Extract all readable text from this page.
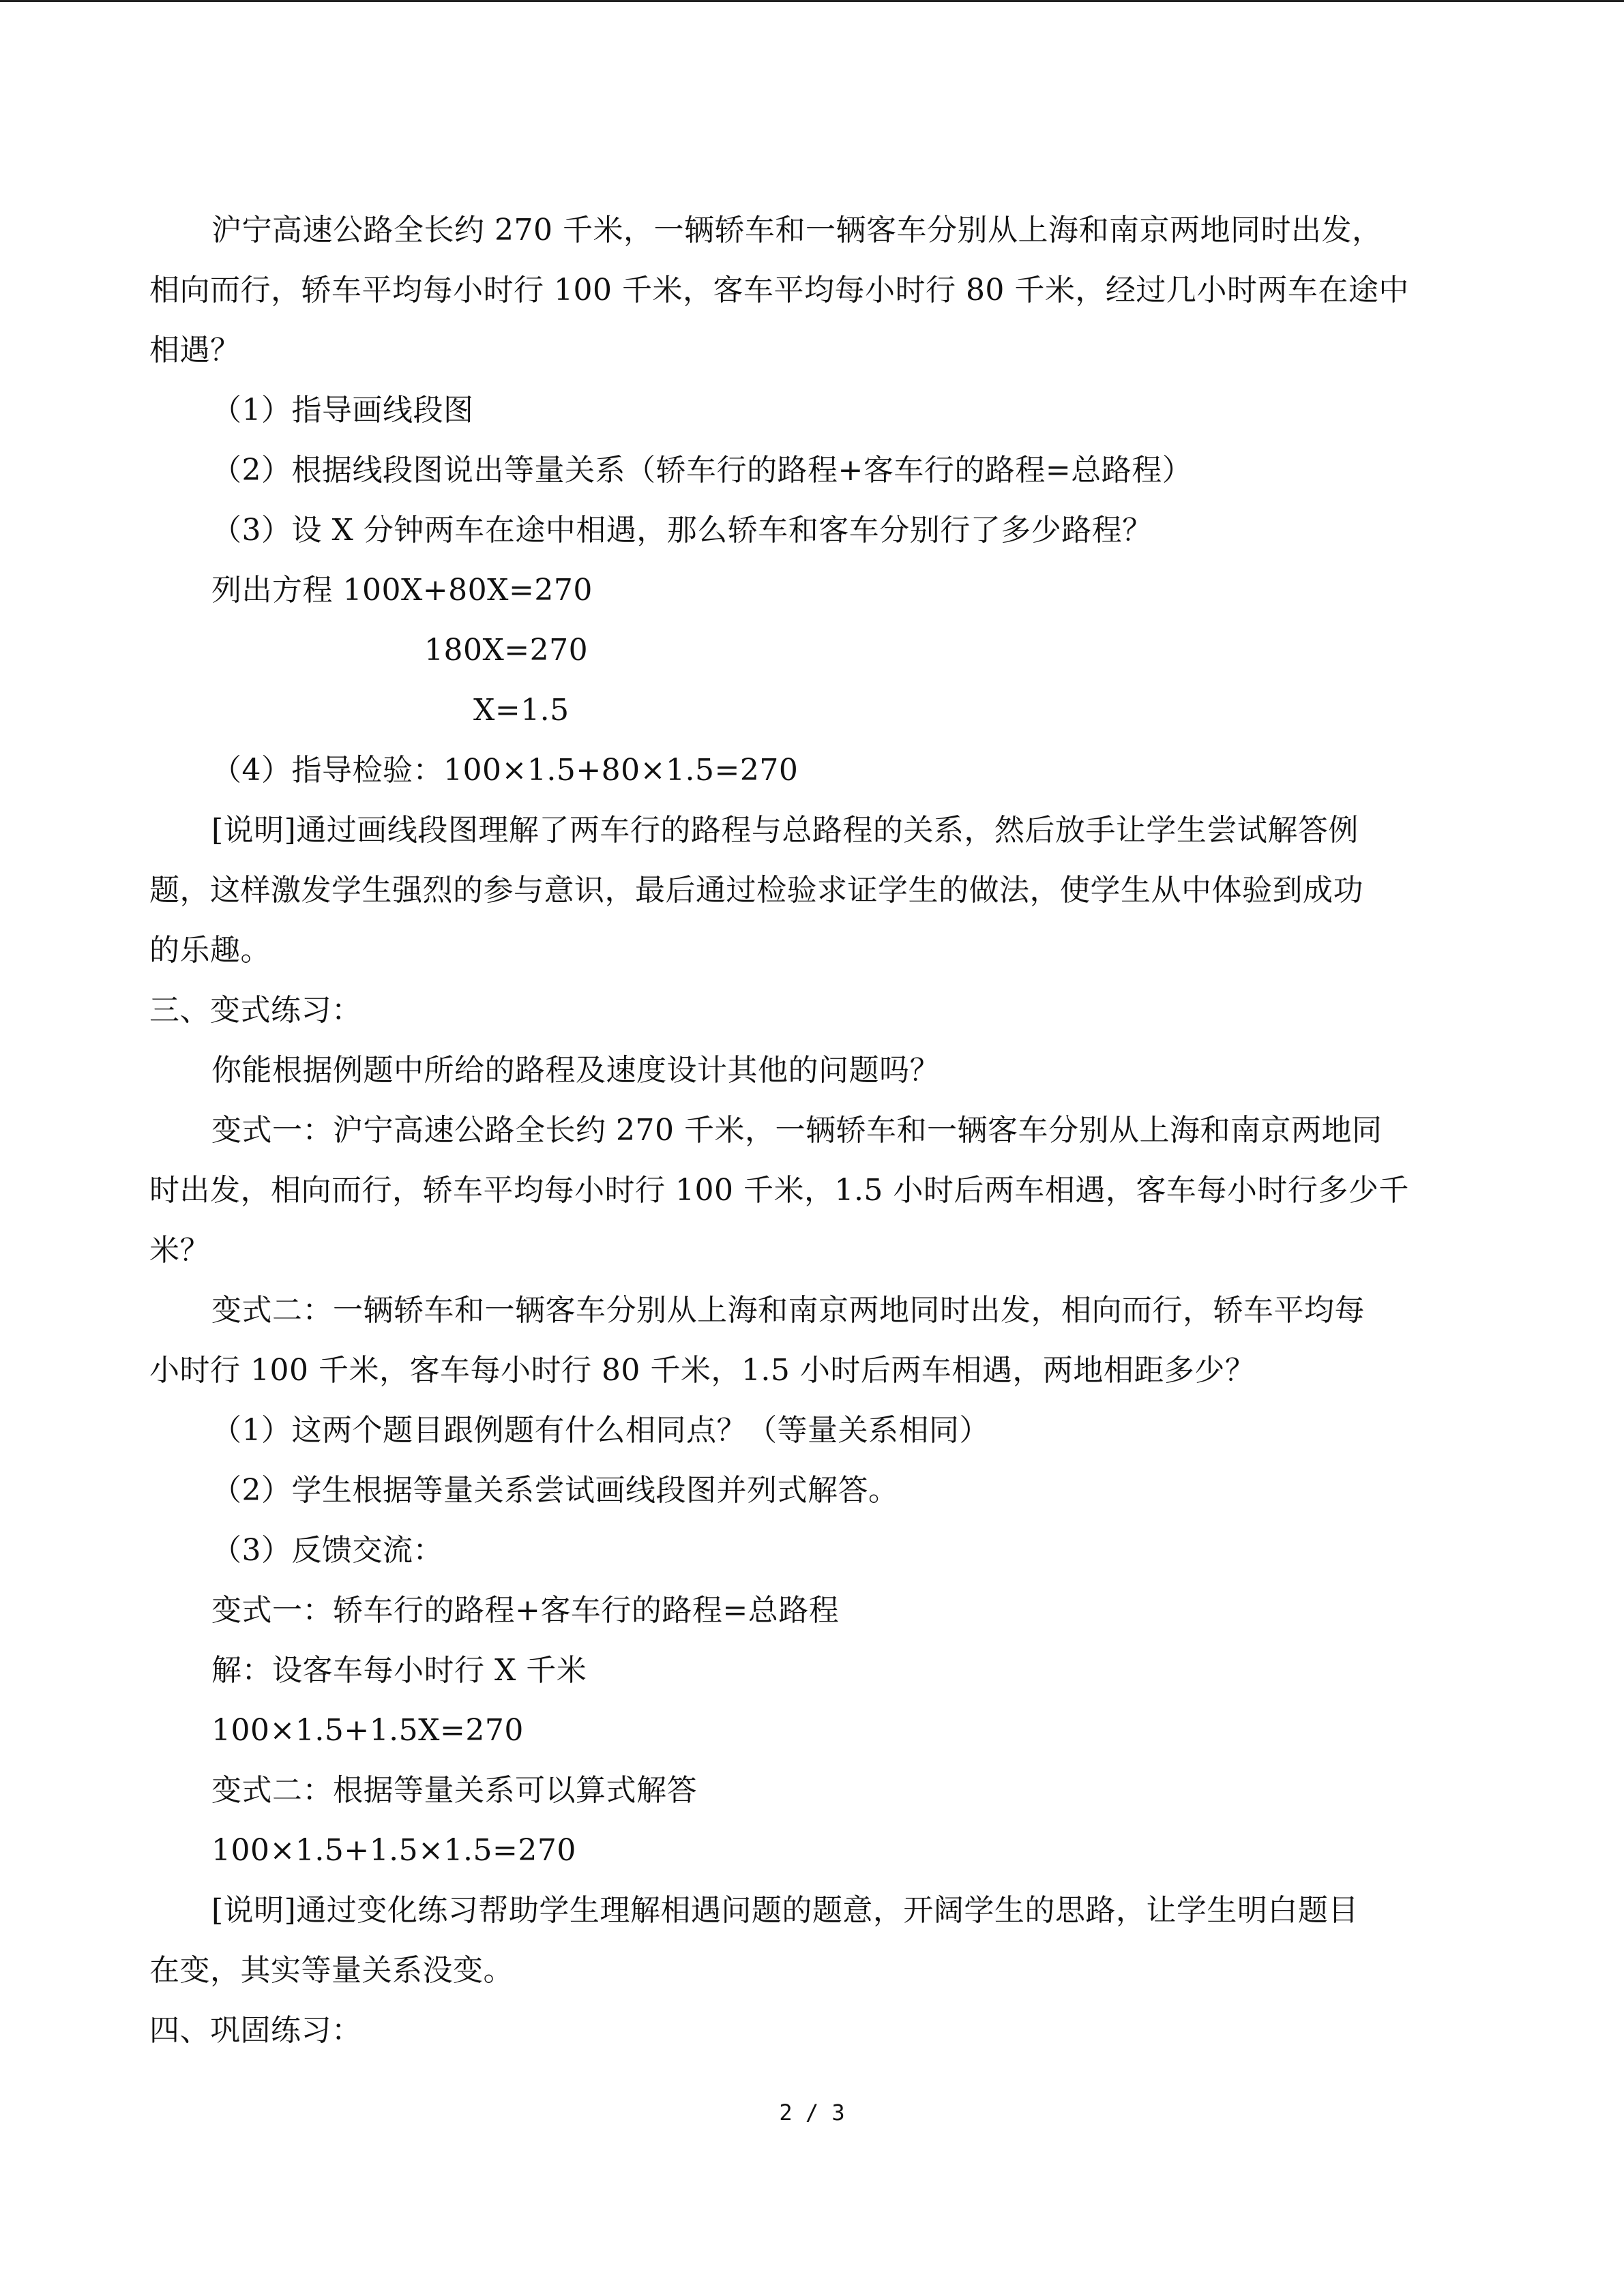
沪宁高速公路全长约 270 千米，一辆轿车和一辆客车分别从上海和南京两地同时出发，
相向而行，轿车平均每小时行 100 千米，客车平均每小时行 80 千米，经过几小时两车在途中
相遇？
（1）指导画线段图
（2）根据线段图说出等量关系（轿车行的路程+客车行的路程=总路程）
（3）设 X 分钟两车在途中相遇，那么轿车和客车分别行了多少路程？
列出方程 100X+80X=270
180X=270
X=1.5
（4）指导检验：100×1.5+80×1.5=270
[说明]通过画线段图理解了两车行的路程与总路程的关系，然后放手让学生尝试解答例
题，这样激发学生强烈的参与意识，最后通过检验求证学生的做法，使学生从中体验到成功
的乐趣。
三、变式练习：
你能根据例题中所给的路程及速度设计其他的问题吗？
变式一：沪宁高速公路全长约 270 千米，一辆轿车和一辆客车分别从上海和南京两地同
时出发，相向而行，轿车平均每小时行 100 千米，1.5 小时后两车相遇，客车每小时行多少千
米？
变式二：一辆轿车和一辆客车分别从上海和南京两地同时出发，相向而行，轿车平均每
小时行 100 千米，客车每小时行 80 千米，1.5 小时后两车相遇，两地相距多少？
（1）这两个题目跟例题有什么相同点？（等量关系相同）
（2）学生根据等量关系尝试画线段图并列式解答。
（3）反馈交流：
变式一：轿车行的路程+客车行的路程=总路程
解：设客车每小时行 X 千米
100×1.5+1.5X=270
变式二：根据等量关系可以算式解答
100×1.5+1.5×1.5=270
[说明]通过变化练习帮助学生理解相遇问题的题意，开阔学生的思路，让学生明白题目
在变，其实等量关系没变。
四、巩固练习：
2 / 3
